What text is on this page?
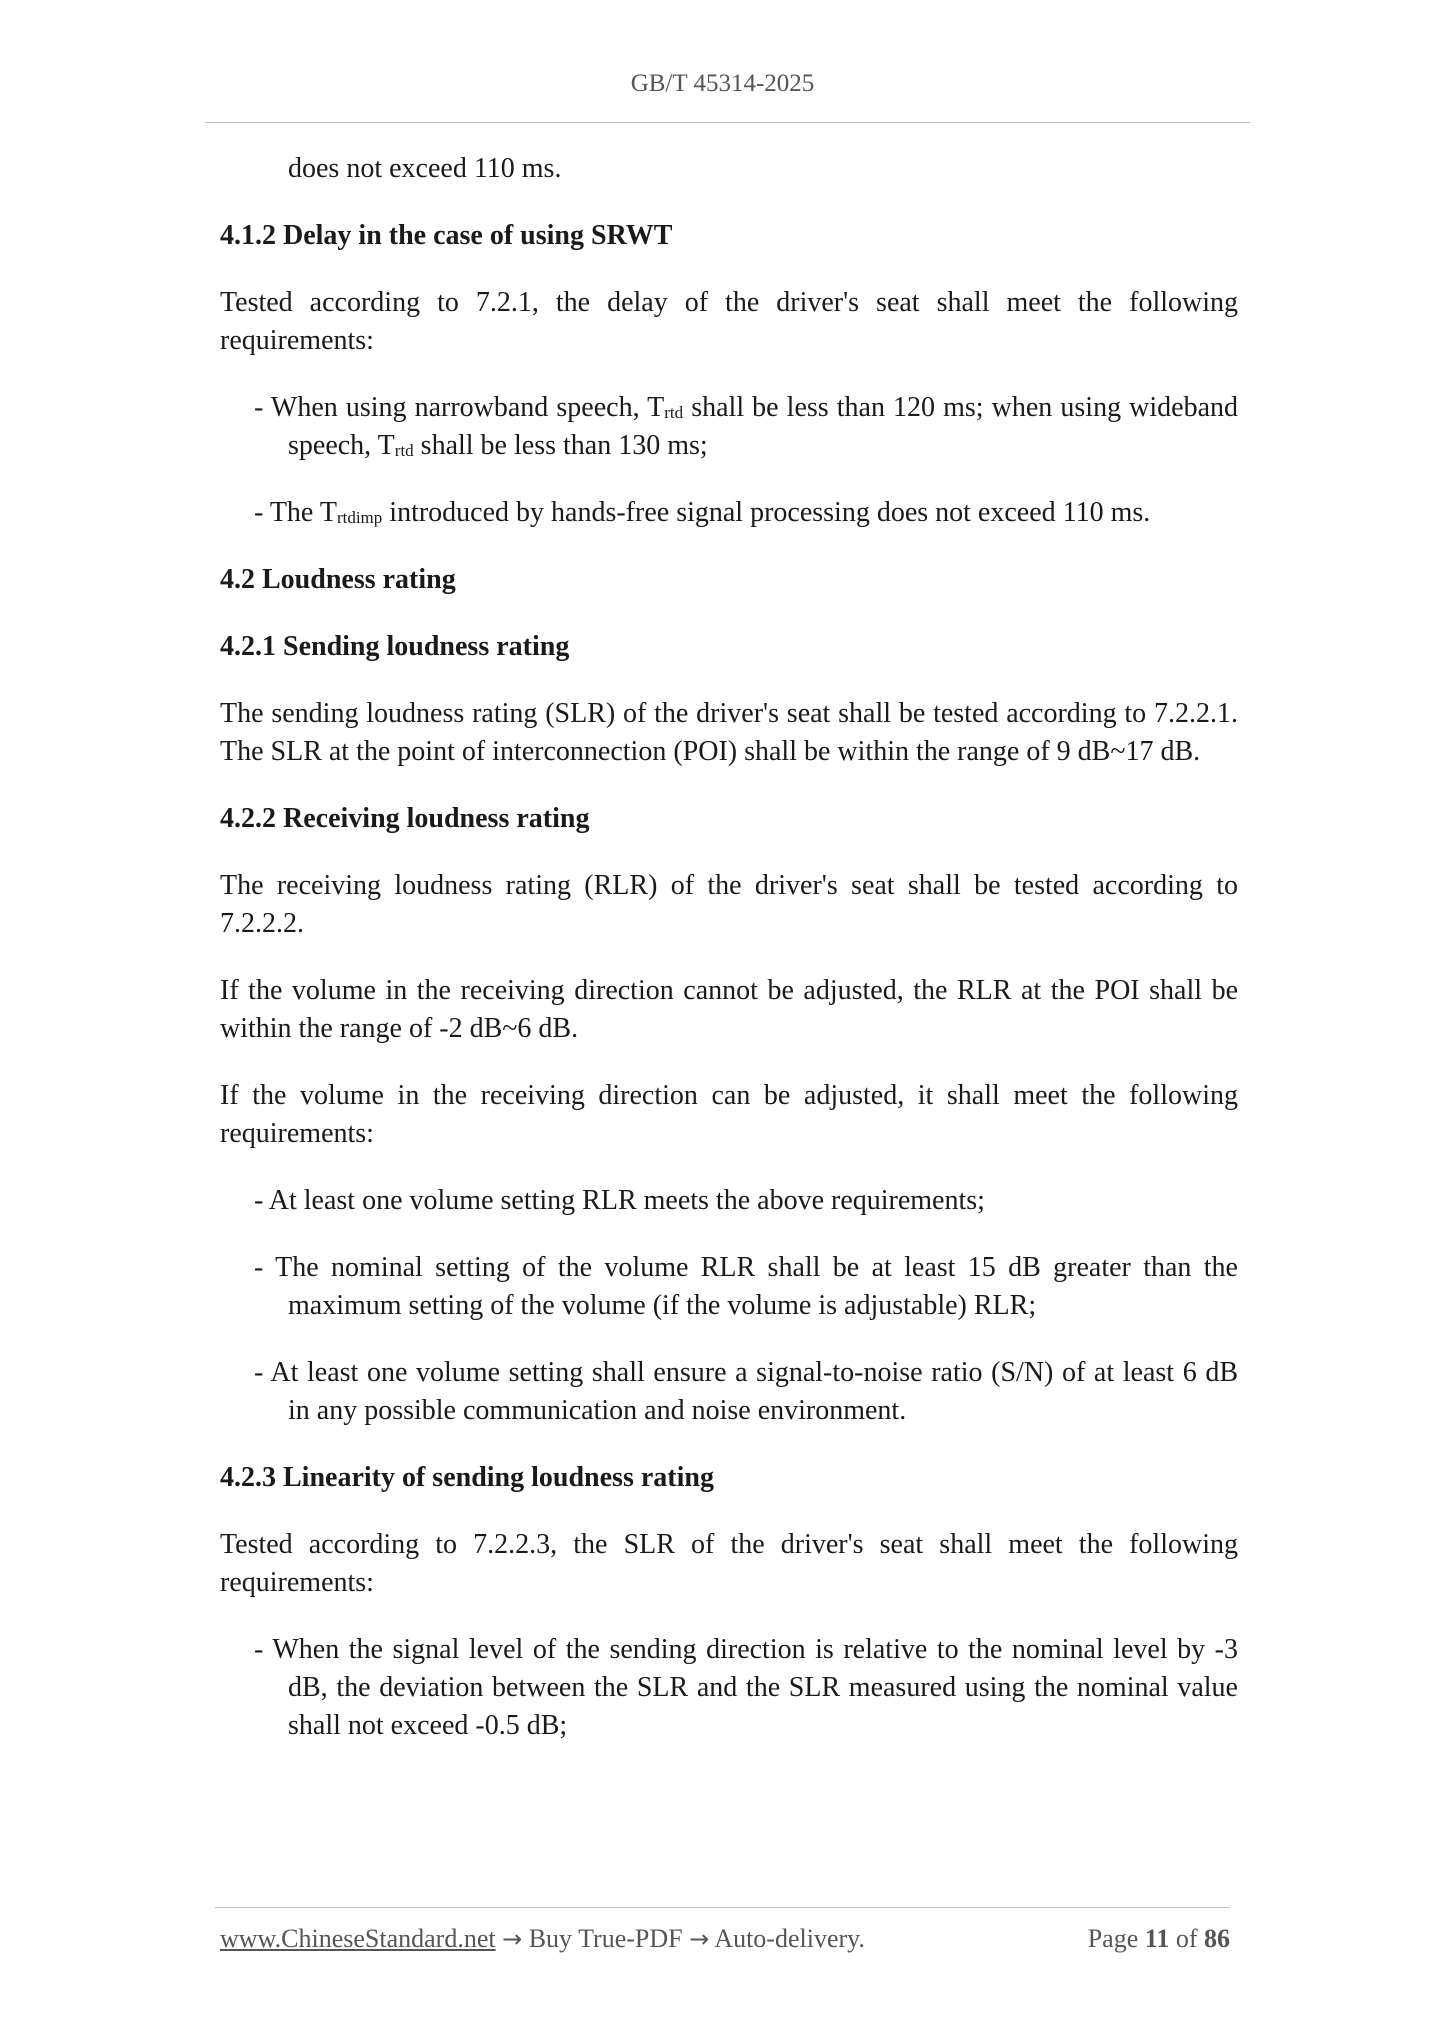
GB/T 45314-2025

does not exceed 110 ms.

4.1.2 Delay in the case of using SRWT

Tested according to 7.2.1, the delay of the driver's seat shall meet the following requirements:

- When using narrowband speech, $T_{rtd}$ shall be less than 120 ms; when using wideband speech, $T_{rtd}$ shall be less than 130 ms;

- The $T_{rtdimp}$ introduced by hands-free signal processing does not exceed 110 ms.

4.2 Loudness rating
4.2.1 Sending loudness rating

The sending loudness rating (SLR) of the driver's seat shall be tested according to 7.2.2.1. The SLR at the point of interconnection (POI) shall be within the range of 9 dB~17 dB.

4.2.2 Receiving loudness rating

The receiving loudness rating (RLR) of the driver's seat shall be tested according to 7.2.2.2.

If the volume in the receiving direction cannot be adjusted, the RLR at the POI shall be within the range of -2 dB~6 dB.

If the volume in the receiving direction can be adjusted, it shall meet the following requirements:

- At least one volume setting RLR meets the above requirements;

- The nominal setting of the volume RLR shall be at least 15 dB greater than the maximum setting of the volume (if the volume is adjustable) RLR;

- At least one volume setting shall ensure a signal-to-noise ratio (S/N) of at least 6 dB in any possible communication and noise environment.

4.2.3 Linearity of sending loudness rating

Tested according to 7.2.2.3, the SLR of the driver's seat shall meet the following requirements:

- When the signal level of the sending direction is relative to the nominal level by -3 dB, the deviation between the SLR and the SLR measured using the nominal value shall not exceed -0.5 dB;

www.ChineseStandard.net → Buy True-PDF → Auto-delivery.	Page 11 of 86
